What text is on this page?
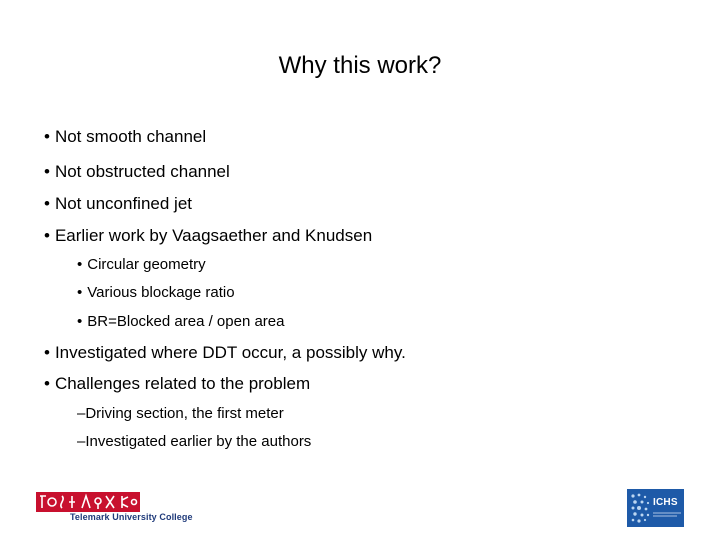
Why this work?
• Not smooth channel
• Not obstructed channel
• Not unconfined jet
• Earlier work by Vaagsaether and Knudsen
• Circular geometry
• Various blockage ratio
• BR=Blocked area / open area
• Investigated where DDT occur, a possibly why.
• Challenges related to the problem
–Driving section, the first meter
–Investigated earlier by the authors
Telemark University College
ICHS
